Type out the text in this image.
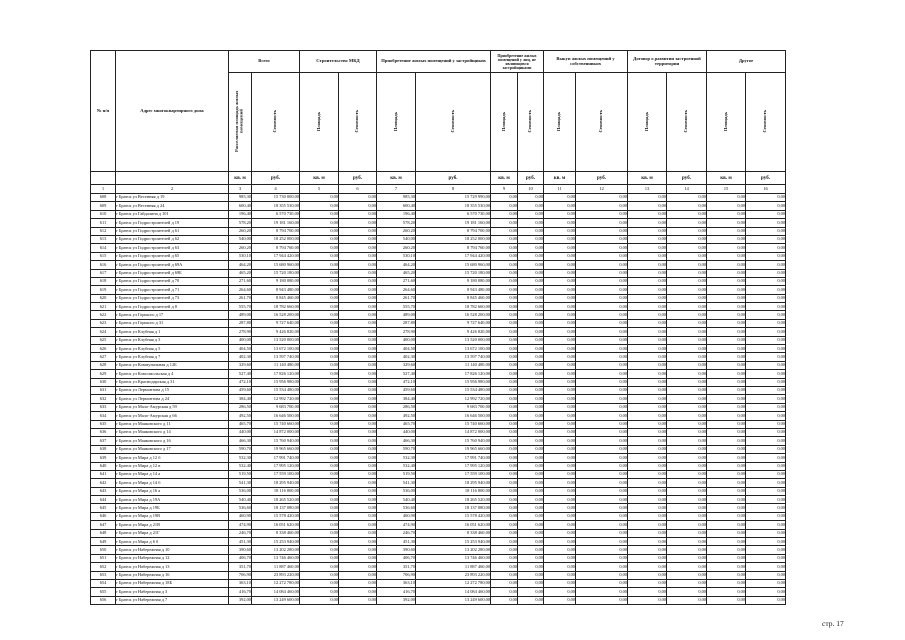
№ п/п	Адрес многоквартирного дома	Всего		Строительство МКД		Приобретение жилых помещений у застройщиков		Приобретение жилых помещений у лиц, не являющихся застройщиками		Выкуп жилых помещений у собственников		Договор о развитии застроенной территории		Другое	
		Расселяемая площадь жилых помещений	Стоимость	Площадь	Стоимость	Площадь	Стоимость	Площадь	Стоимость	Площадь	Стоимость	Площадь	Стоимость	Площадь	Стоимость
		кв. м	руб.	кв. м	руб.	кв. м	руб.	кв. м	руб.	кв. м	руб.	кв. м	руб.	кв. м	руб.
1	2	3	4	5	6	7	8	9	10	11	12	13	14	15	16
608	г Братск ул Весенняя д 19	985,30	15 730 000,00	0,00	0,00	985,30	15 729 990,00	0,00	0,00	0,00	0,00	0,00	0,00	0,00	0,00
609	г Братск ул Весенняя д 24	600,40	18 355 530,00	0,00	0,00	600,40	18 355 530,00	0,00	0,00	0,00	0,00	0,00	0,00	0,00	0,00
610	г Братск ул Гайдалина д 101	196,40	6 570 730,00	0,00	0,00	196,40	6 570 730,00	0,00	0,00	0,00	0,00	0,00	0,00	0,00	0,00
611	г Братск ул Гидростроителей д 19	578,20	19 181 160,00	0,00	0,00	578,20	19 181 160,00	0,00	0,00	0,00	0,00	0,00	0,00	0,00	0,00
612	г Братск ул Гидростроителей д 61	260,20	8 794 700,00	0,00	0,00	260,20	8 794 700,00	0,00	0,00	0,00	0,00	0,00	0,00	0,00	0,00
613	г Братск ул Гидростроителей д 62	540,00	18 252 000,00	0,00	0,00	540,00	18 252 000,00	0,00	0,00	0,00	0,00	0,00	0,00	0,00	0,00
614	г Братск ул Гидростроителей д 63	260,20	8 794 760,00	0,00	0,00	260,20	8 794 760,00	0,00	0,00	0,00	0,00	0,00	0,00	0,00	0,00
615	г Братск ул Гидростроителей д 65	530,10	17 944 420,00	0,00	0,00	530,10	17 944 420,00	0,00	0,00	0,00	0,00	0,00	0,00	0,00	0,00
616	г Братск ул Гидростроителей д 69А	464,20	15 680 960,00	0,00	0,00	464,20	15 680 960,00	0,00	0,00	0,00	0,00	0,00	0,00	0,00	0,00
617	г Братск ул Гидростроителей д 69Б	465,20	15 720 180,00	0,00	0,00	465,20	15 720 180,00	0,00	0,00	0,00	0,00	0,00	0,00	0,00	0,00
618	г Братск ул Гидростроителей д 70	271,60	9 180 080,00	0,00	0,00	271,60	9 180 080,00	0,00	0,00	0,00	0,00	0,00	0,00	0,00	0,00
619	г Братск ул Гидростроителей д 71	264,60	8 943 480,00	0,00	0,00	264,60	8 943 480,00	0,00	0,00	0,00	0,00	0,00	0,00	0,00	0,00
620	г Братск ул Гидростроителей д 73	261,70	8 845 460,00	0,00	0,00	261,70	8 845 460,00	0,00	0,00	0,00	0,00	0,00	0,00	0,00	0,00
621	г Братск ул Гидростроителей д 8	555,70	18 782 660,00	0,00	0,00	555,70	18 782 660,00	0,00	0,00	0,00	0,00	0,00	0,00	0,00	0,00
622	г Братск ул Горького д 17	489,00	16 528 200,00	0,00	0,00	489,00	16 528 200,00	0,00	0,00	0,00	0,00	0,00	0,00	0,00	0,00
623	г Братск ул Горького д 31	287,80	9 727 640,00	0,00	0,00	287,80	9 727 640,00	0,00	0,00	0,00	0,00	0,00	0,00	0,00	0,00
624	г Братск ул Клубная д 1	278,90	9 426 820,00	0,00	0,00	278,90	9 426 820,00	0,00	0,00	0,00	0,00	0,00	0,00	0,00	0,00
625	г Братск ул Клубная д 3	400,00	13 520 000,00	0,00	0,00	400,00	13 520 000,00	0,00	0,00	0,00	0,00	0,00	0,00	0,00	0,00
626	г Братск ул Клубная д 5	404,50	13 672 100,00	0,00	0,00	404,50	13 672 100,00	0,00	0,00	0,00	0,00	0,00	0,00	0,00	0,00
627	г Братск ул Клубная д 7	402,30	13 597 740,00	0,00	0,00	402,30	13 597 740,00	0,00	0,00	0,00	0,00	0,00	0,00	0,00	0,00
628	г Братск ул Коммунальная д 12Б	329,60	11 140 480,00	0,00	0,00	329,60	11 140 480,00	0,00	0,00	0,00	0,00	0,00	0,00	0,00	0,00
629	г Братск ул Комсомольская д 4	527,40	17 826 120,00	0,00	0,00	527,40	17 826 120,00	0,00	0,00	0,00	0,00	0,00	0,00	0,00	0,00
630	г Братск ул Краснодарская д 31	472,10	15 956 980,00	0,00	0,00	472,10	15 956 980,00	0,00	0,00	0,00	0,00	0,00	0,00	0,00	0,00
631	г Братск ул Лермонтова д 15	459,60	15 534 480,00	0,00	0,00	459,60	15 534 480,00	0,00	0,00	0,00	0,00	0,00	0,00	0,00	0,00
632	г Братск ул Лермонтова д 24	384,40	12 992 720,00	0,00	0,00	384,40	12 992 720,00	0,00	0,00	0,00	0,00	0,00	0,00	0,00	0,00
633	г Братск ул Мало-Амурская д 59	286,50	9 683 700,00	0,00	0,00	286,50	9 683 700,00	0,00	0,00	0,00	0,00	0,00	0,00	0,00	0,00
634	г Братск ул Мало-Амурская д 66	492,50	16 646 500,00	0,00	0,00	492,50	16 646 500,00	0,00	0,00	0,00	0,00	0,00	0,00	0,00	0,00
635	г Братск ул Маяковского д 11	465,70	15 740 660,00	0,00	0,00	465,70	15 740 660,00	0,00	0,00	0,00	0,00	0,00	0,00	0,00	0,00
636	г Братск ул Маяковского д 14	440,00	14 872 000,00	0,00	0,00	440,00	14 872 000,00	0,00	0,00	0,00	0,00	0,00	0,00	0,00	0,00
637	г Братск ул Маяковского д 16	466,30	15 760 940,00	0,00	0,00	466,30	15 760 940,00	0,00	0,00	0,00	0,00	0,00	0,00	0,00	0,00
638	г Братск ул Маяковского д 17	590,70	19 965 660,00	0,00	0,00	590,70	19 965 660,00	0,00	0,00	0,00	0,00	0,00	0,00	0,00	0,00
639	г Братск ул Мира д 12 б	532,30	17 991 740,00	0,00	0,00	532,30	17 991 740,00	0,00	0,00	0,00	0,00	0,00	0,00	0,00	0,00
640	г Братск ул Мира д 12 в	532,40	17 995 120,00	0,00	0,00	532,40	17 995 120,00	0,00	0,00	0,00	0,00	0,00	0,00	0,00	0,00
641	г Братск ул Мира д 14 а	519,50	17 559 100,00	0,00	0,00	519,50	17 559 100,00	0,00	0,00	0,00	0,00	0,00	0,00	0,00	0,00
642	г Братск ул Мира д 14 б	541,30	18 295 940,00	0,00	0,00	541,30	18 295 940,00	0,00	0,00	0,00	0,00	0,00	0,00	0,00	0,00
643	г Братск ул Мира д 16 а	536,00	18 116 800,00	0,00	0,00	536,00	18 116 800,00	0,00	0,00	0,00	0,00	0,00	0,00	0,00	0,00
644	г Братск ул Мира д 19А	540,40	18 265 520,00	0,00	0,00	540,40	18 265 520,00	0,00	0,00	0,00	0,00	0,00	0,00	0,00	0,00
645	г Братск ул Мира д 19Б	536,60	18 137 080,00	0,00	0,00	536,60	18 137 080,00	0,00	0,00	0,00	0,00	0,00	0,00	0,00	0,00
646	г Братск ул Мира д 19В	460,90	15 578 420,00	0,00	0,00	460,90	15 578 420,00	0,00	0,00	0,00	0,00	0,00	0,00	0,00	0,00
647	г Братск ул Мира д 21В	474,90	16 051 620,00	0,00	0,00	474,90	16 051 620,00	0,00	0,00	0,00	0,00	0,00	0,00	0,00	0,00
648	г Братск ул Мира д 21Г	246,70	8 338 460,00	0,00	0,00	246,70	8 338 460,00	0,00	0,00	0,00	0,00	0,00	0,00	0,00	0,00
649	г Братск ул Мира д 6 б	451,30	15 253 940,00	0,00	0,00	451,30	15 253 940,00	0,00	0,00	0,00	0,00	0,00	0,00	0,00	0,00
650	г Братск ул Набережная д 10	390,60	13 202 280,00	0,00	0,00	390,60	13 202 280,00	0,00	0,00	0,00	0,00	0,00	0,00	0,00	0,00
651	г Братск ул Набережная д 12	406,70	13 746 460,00	0,00	0,00	406,70	13 746 460,00	0,00	0,00	0,00	0,00	0,00	0,00	0,00	0,00
652	г Братск ул Набережная д 13	351,70	11 887 460,00	0,00	0,00	351,70	11 887 460,00	0,00	0,00	0,00	0,00	0,00	0,00	0,00	0,00
653	г Братск ул Набережная д 16	706,90	23 893 220,00	0,00	0,00	706,90	23 893 220,00	0,00	0,00	0,00	0,00	0,00	0,00	0,00	0,00
654	г Братск ул Набережная д 18Б	363,10	12 272 780,00	0,00	0,00	363,10	12 272 780,00	0,00	0,00	0,00	0,00	0,00	0,00	0,00	0,00
655	г Братск ул Набережная д 3	416,70	14 084 460,00	0,00	0,00	416,70	14 084 460,00	0,00	0,00	0,00	0,00	0,00	0,00	0,00	0,00
656	г Братск ул Набережная д 7	392,00	13 249 600,00	0,00	0,00	392,00	13 249 600,00	0,00	0,00	0,00	0,00	0,00	0,00	0,00	0,00
стр. 17
